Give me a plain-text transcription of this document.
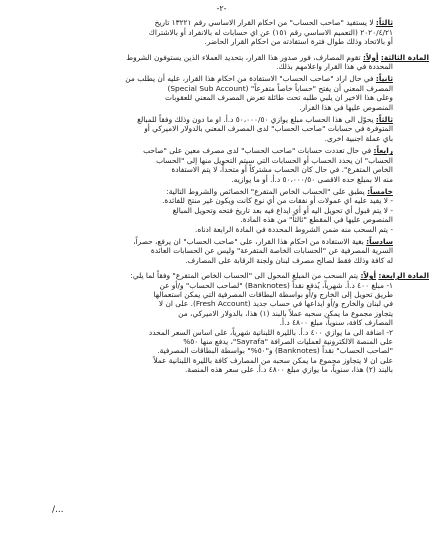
-٢-
ثالثاً: لا يستفيد "صاحب الحساب" من احكام القرار الاساسي رقم ١٣٢٢١ تاريخ
٢٠٢٠/٤/٢١ (التعميم الاساسي رقم ١٥١) عن اي حسابات له بالانفراد أو بالاشتراك
أو بالاتحاد وذلك طوال فترة استفادته من احكام القرار الحاضر.
المادة الثالثة: أولاً: تقوم المصارف، فور صدور هذا القرار، بتحديد العملاء الذين يستوفون الشروط
المحددة في هذا القرار واعلامهم بذلك.
ثانياً: في حال اراد "صاحب الحساب" الاستفادة من احكام هذا القرار، عليه أن يطلب من
المصرف المعني أن يفتح "حساباً خاصاً متفرعاً" (Special Sub Account)
وعلى هذا الاخير ان يلبي طلبه تحت طائلة تعرض المصرف المعني للعقوبات
المنصوص عليها في هذا القرار.
ثالثاً: يحوّل الى هذا الحساب مبلغ يوازي ٥٠،٠٠٠/٥٠ د.أ. او ما دون وذلك وفقاً للمبالغ
المتوفرة في حسابات "صاحب الحساب" لدى المصرف المعني بالدولار الاميركي أو
باي عملة اجنبية اخرى.
رابعاً: في حال تعددت حسابات "صاحب الحساب" لدى مصرف معين على "صاحب
الحساب" ان يحدد الحساب أو الحسابات التي سيتم التحويل منها إلى "الحساب
الخاص المتفرع". في حال كان الحساب مشتركاً أو متحداً، لا يتم الاستفادة
منه الا بمبلغ حده الاقصى ٥٠،٠٠٠/٥٠ د.أ. أو ما يوازيه.
خامساً: يطبق على "الحساب الخاص المتفرع" الخصائص والشروط التالية:
- لا يفيد عليه اي عمولات أو نفقات من أي نوع كانت ويكون غير منتج للفائدة.
- لا يتم قبول أي تحويل اليه أو أي ايداع فيه بعد تاريخ فتحه وتحويل المبالغ
المنصوص عليها في المقطع "ثالثاً" من هذه المادة.
- يتم السحب منه ضمن الشروط المحددة في المادة الرابعة ادناه.
سادساً: بغية الاستفادة من احكام هذا القرار، على "صاحب الحساب" ان يرفع، حصراً،
السرية المصرفية عن "الحسابات الخاصة المتفرعة" وليس عن الحسابات العائدة
له كافة وذلك فقط لصالح مصرف لبنان ولجنة الرقابة على المصارف.
المادة الرابعة: أولاً: يتم السحب من المبلغ المحول الى "الحساب الخاص المتفرع" وفقاً لما يلي:
١- مبلغ ٤٠٠ د.أ. شهرياً، يُدفع نقداً (Banknotes) "لصاحب الحساب" و/أو عن
طريق تحويل إلى الخارج و/أو بواسطة البطاقات المصرفية التي يمكن استعمالها
في لبنان والخارج و/أو ايداعها في حساب جديد (Fresh Account). على ان لا
يتجاوز مجموع ما يمكن سحبه عملاً بالبند (١) هذا، بالدولار الاميركي، من
المصارف كافة، سنوياً، مبلغ ٤٨٠٠ د.أ.
٢- اضافة الى ما يوازي ٤٠٠ د.أ. بالليرة اللبنانية شهرياً، على اساس السعر المحدد
على المنصة الالكترونية لعمليات الصرافة "Sayrafa"، يدفع منها ٥٠%
"لصاحب الحساب" نقداً (Banknotes) و"٥٠%" بواسطة البطاقات المصرفية.
على ان لا يتجاوز مجموع ما يمكن سحبه من المصارف كافة بالليرة اللبنانية عملاً
بالبند (٢) هذا، سنوياً، ما يوازي مبلغ ٤٨٠٠ د.أ. على سعر هذه المنصة.
/...
